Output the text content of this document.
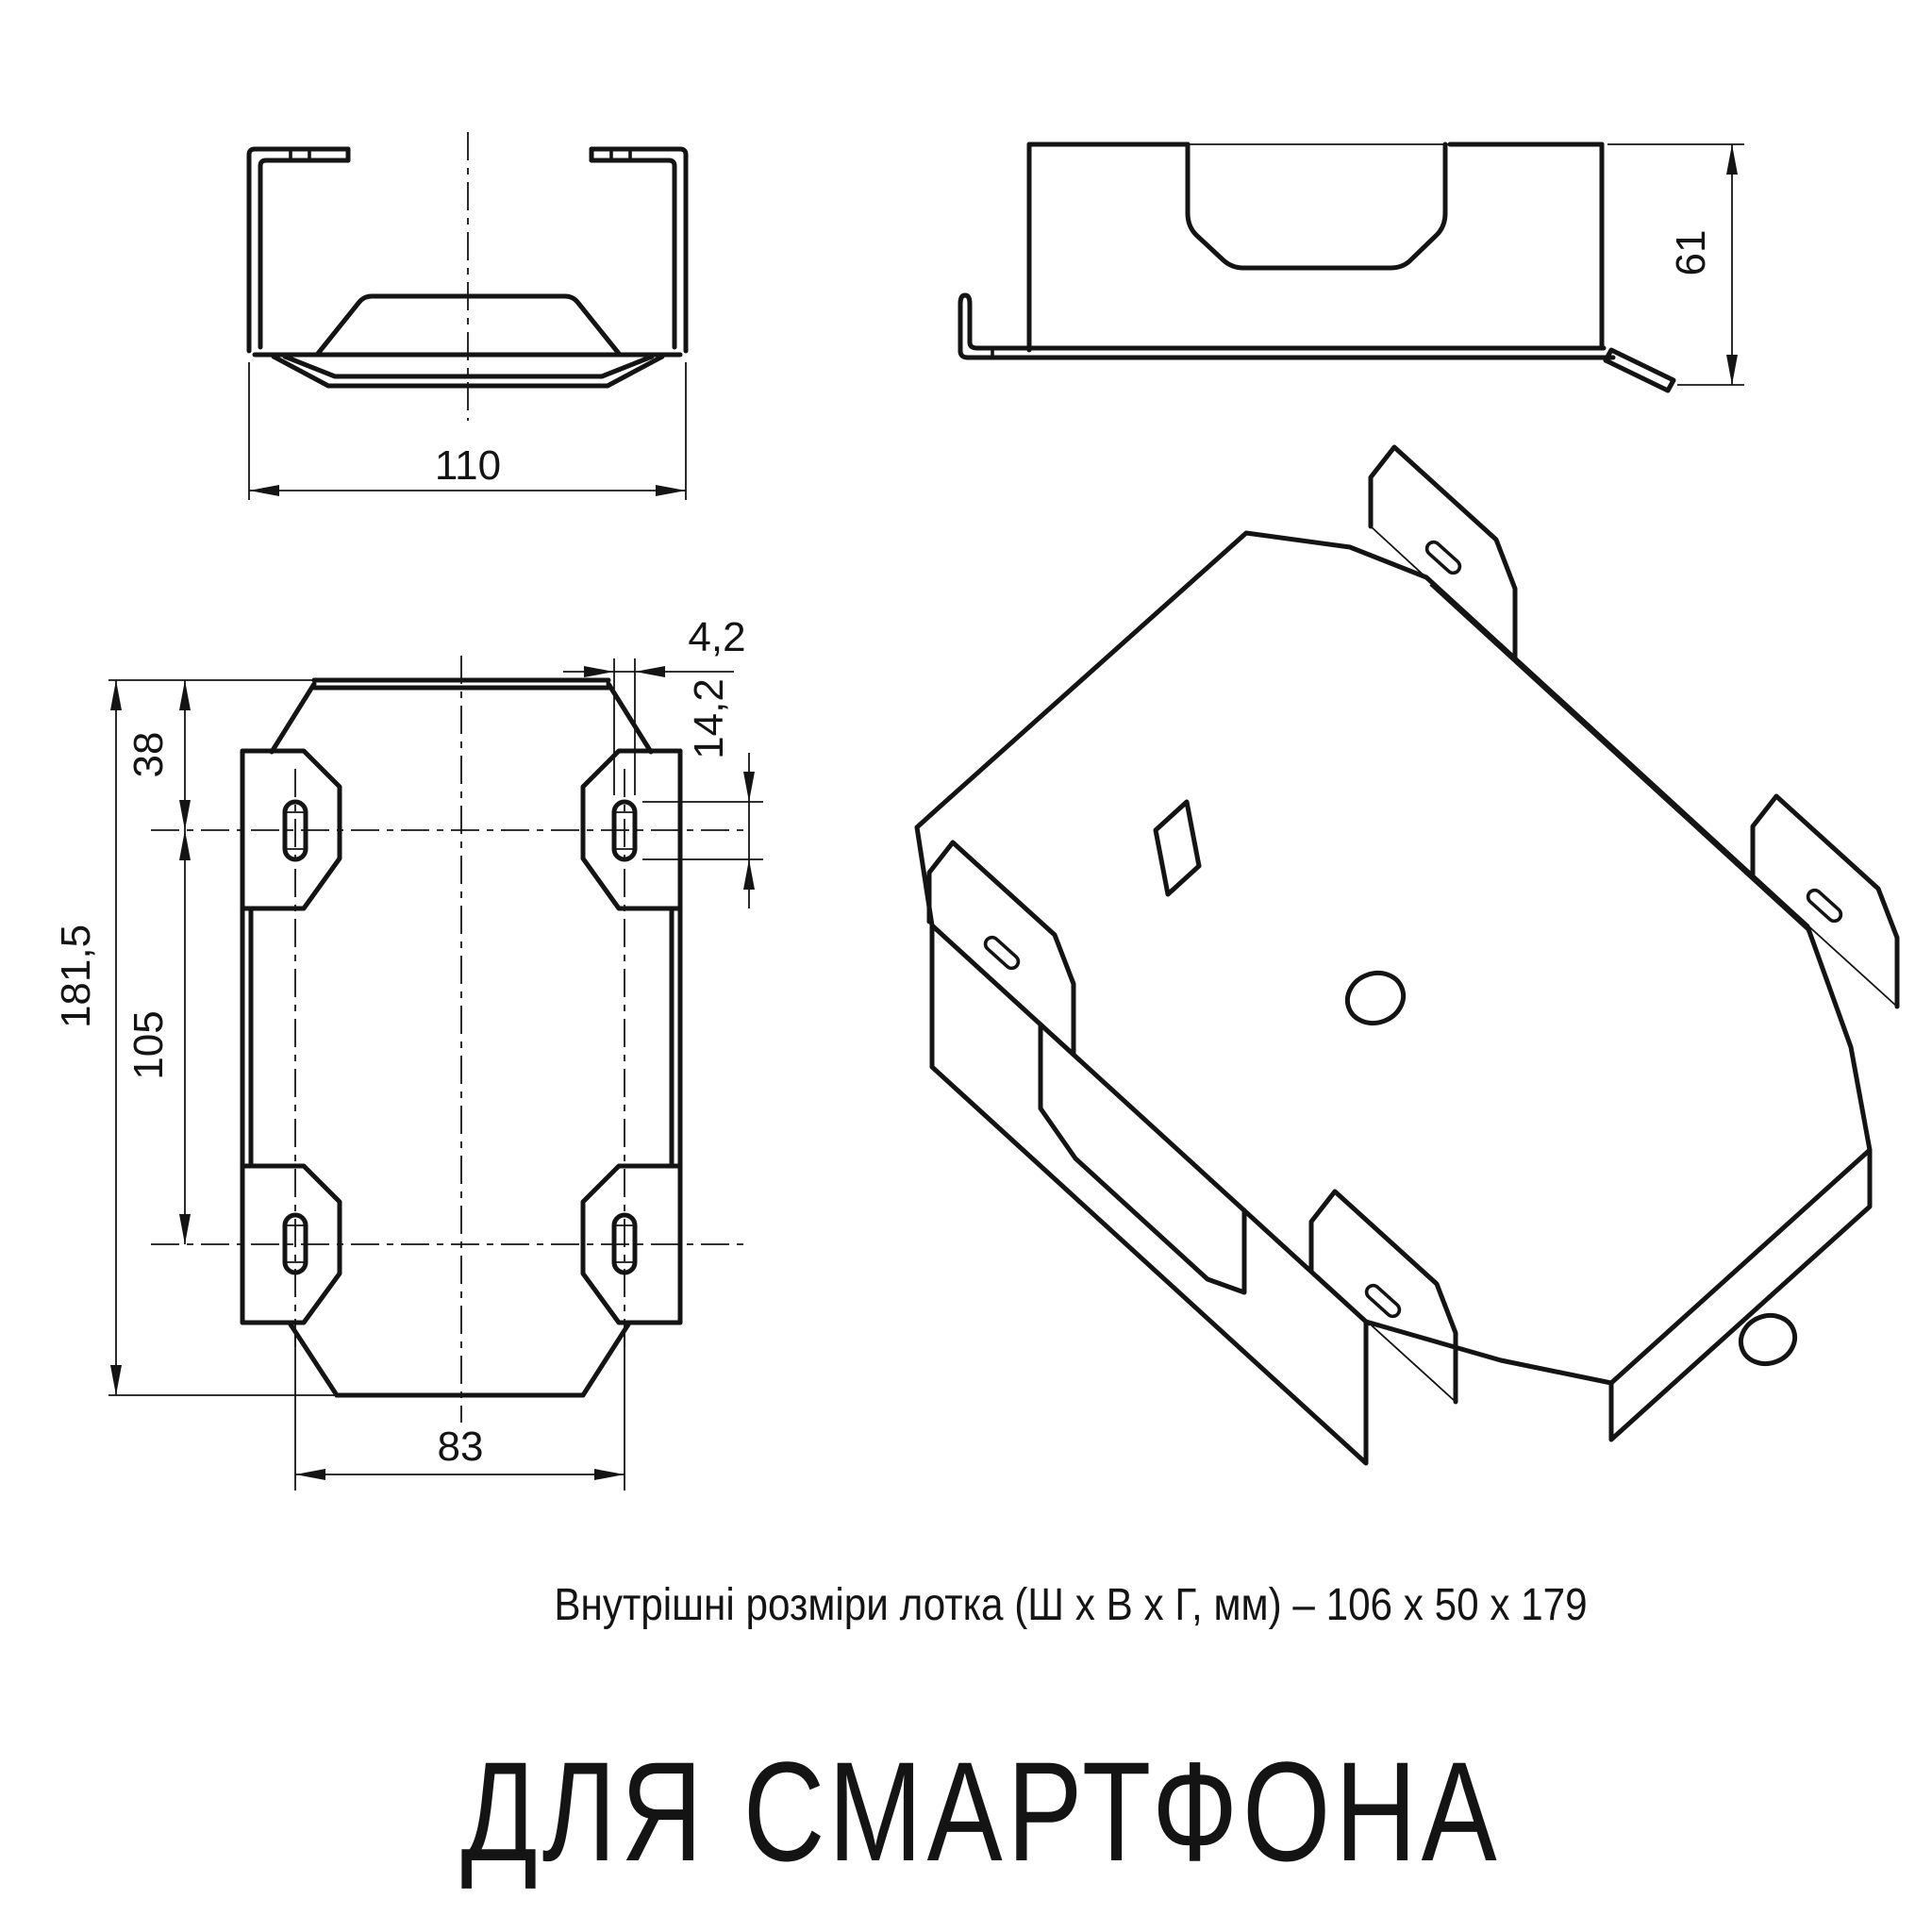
110
61
181,5
38
105
83
4,2
14,2
Внутрішні розміри лотка (Ш х В х Г, мм) – 106 х 50 х 179
ДЛЯ СМАРТФОНА
